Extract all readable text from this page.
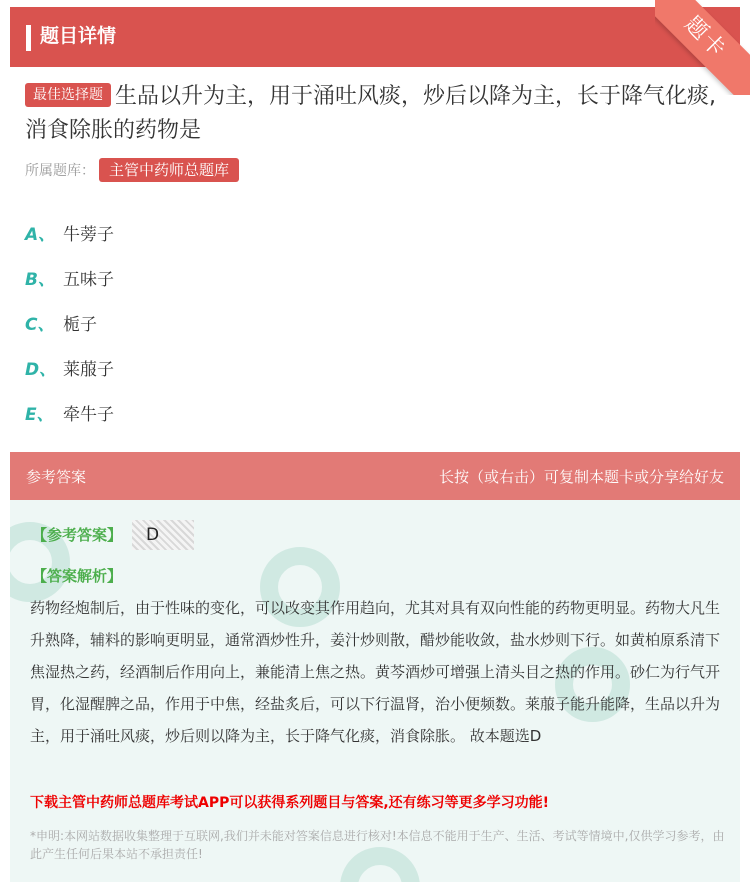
题目详情	题卡
最佳选择题 生品以升为主，用于涌吐风痰，炒后以降为主，长于降气化痰,消食除胀的药物是
所属题库： 主管中药师总题库
A、 牛蒡子
B、 五味子
C、 栀子
D、 莱菔子
E、 牵牛子
参考答案	长按（或右击）可复制本题卡或分享给好友
【参考答案】	D
【答案解析】
药物经炮制后，由于性味的变化，可以改变其作用趋向，尤其对具有双向性能的药物更明显。药物大凡生升熟降，辅料的影响更明显，通常酒炒性升，姜汁炒则散，醋炒能收敛，盐水炒则下行。如黄柏原系清下焦湿热之药，经酒制后作用向上，兼能清上焦之热。黄芩酒炒可增强上清头目之热的作用。砂仁为行气开胃，化湿醒脾之品，作用于中焦，经盐炙后，可以下行温肾，治小便频数。莱菔子能升能降，生品以升为主，用于涌吐风痰，炒后则以降为主，长于降气化痰，消食除胀。 故本题选D
下载主管中药师总题库考试APP可以获得系列题目与答案,还有练习等更多学习功能!
*申明:本网站数据收集整理于互联网,我们并未能对答案信息进行核对!本信息不能用于生产、生活、考试等情境中,仅供学习参考，由此产生任何后果本站不承担责任!
